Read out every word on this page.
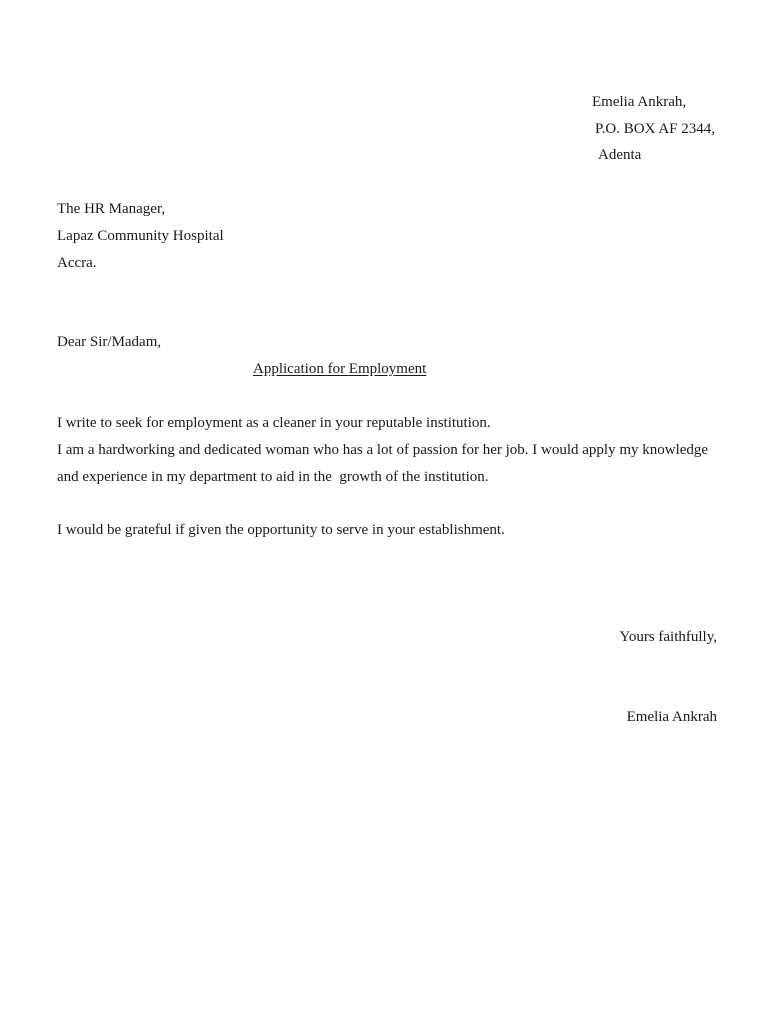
Emelia Ankrah,
P.O. BOX AF 2344,
Adenta
The HR Manager,
Lapaz Community Hospital
Accra.
Dear Sir/Madam,
Application for Employment
I write to seek for employment as a cleaner in your reputable institution.
I am a hardworking and dedicated woman who has a lot of passion for her job. I would apply my knowledge
and experience in my department to aid in the  growth of the institution.
I would be grateful if given the opportunity to serve in your establishment.
Yours faithfully,
Emelia Ankrah
